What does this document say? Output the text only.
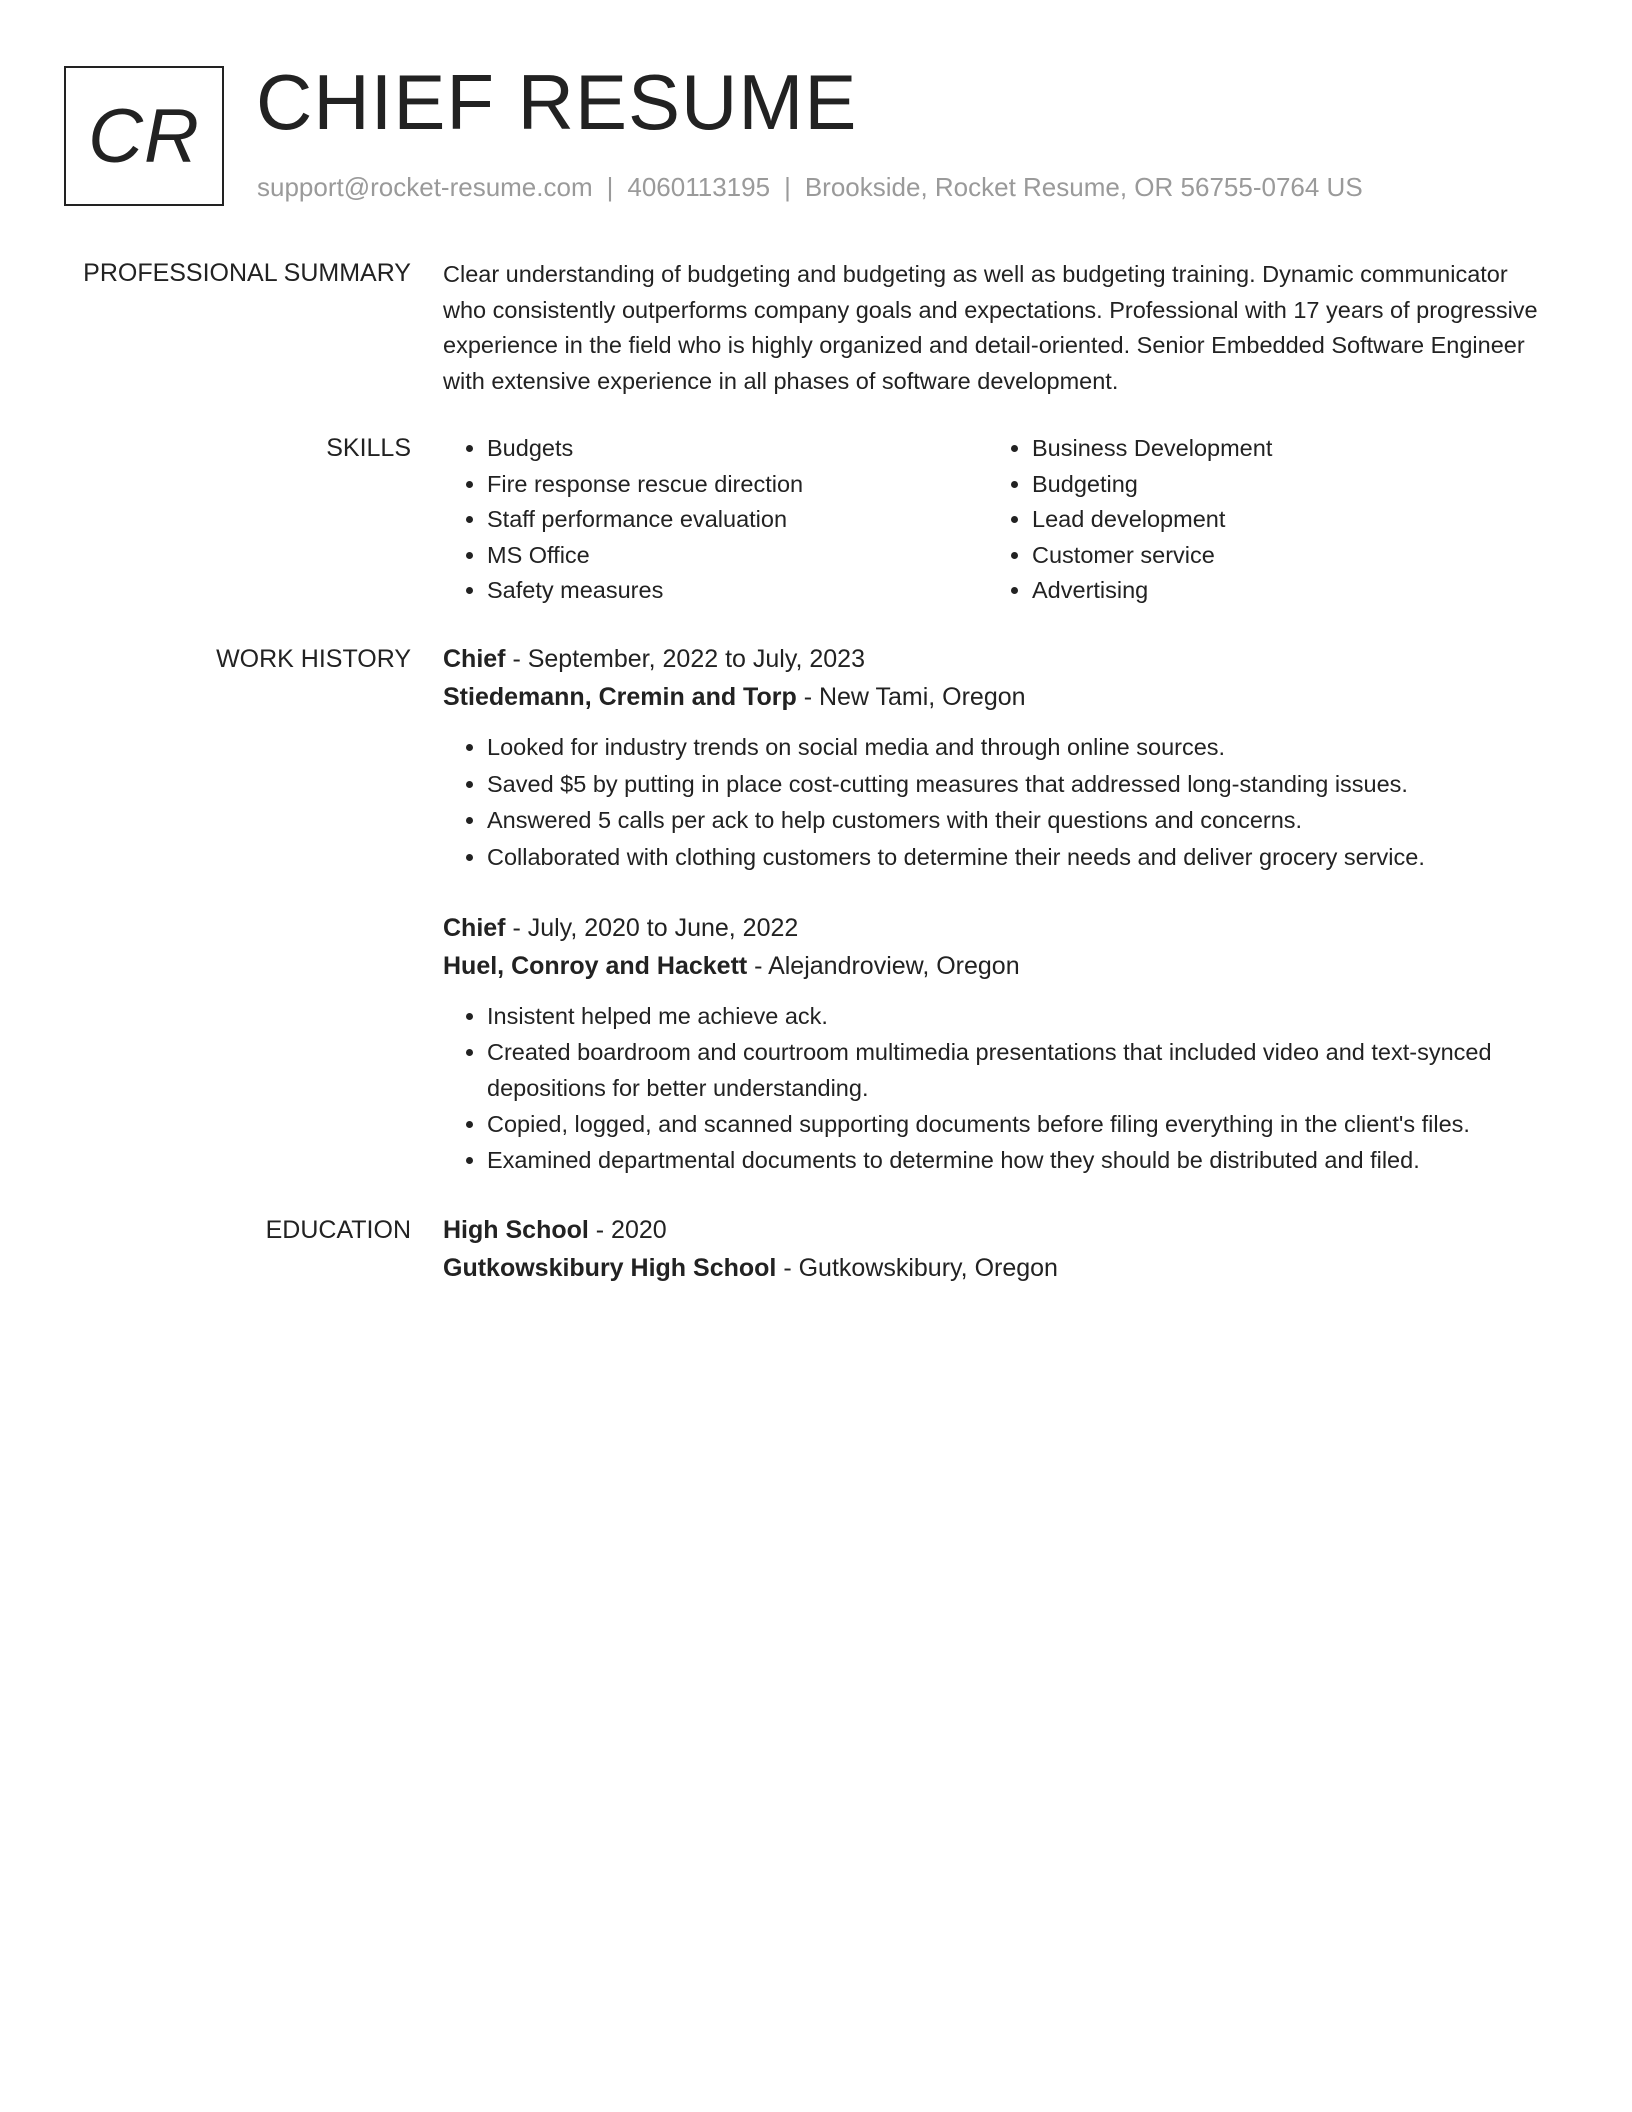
CR CHIEF RESUME
support@rocket-resume.com | 4060113195 | Brookside, Rocket Resume, OR 56755-0764 US
PROFESSIONAL SUMMARY Clear understanding of budgeting and budgeting as well as budgeting training. Dynamic communicator who consistently outperforms company goals and expectations. Professional with 17 years of progressive experience in the field who is highly organized and detail-oriented. Senior Embedded Software Engineer with extensive experience in all phases of software development.

SKILLS
•	Budgets
• Fire response rescue direction
• Staff performance evaluation
• MS Office
• Safety measures
• Business Development
• Budgeting
• Lead development
• Customer service
• Advertising
WORK HISTORY Chief - September, 2022 to July, 2023
Stiedemann, Cremin and Torp - New Tami, Oregon
• Looked for industry trends on social media and through online sources.
• Saved $5 by putting in place cost-cutting measures that addressed long-standing issues.
• Answered 5 calls per ack to help customers with their questions and concerns.
• Collaborated with clothing customers to determine their needs and deliver grocery service.
Chief - July, 2020 to June, 2022
Huel, Conroy and Hackett - Alejandroview, Oregon
• Insistent helped me achieve ack.
• Created boardroom and courtroom multimedia presentations that included video and text-synced depositions for better understanding.
• Copied, logged, and scanned supporting documents before filing everything in the client's files.
• Examined departmental documents to determine how they should be distributed and filed.
EDUCATION High School - 2020
Gutkowskibury High School - Gutkowskibury, Oregon
